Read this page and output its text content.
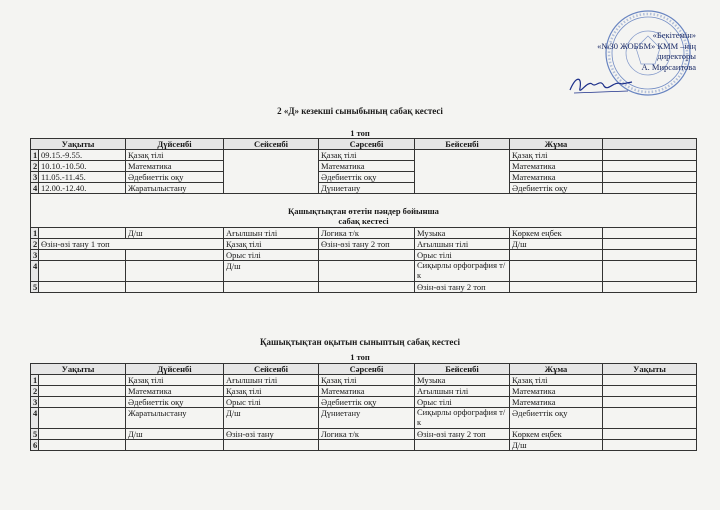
«Бекітемін»
«№30 ЖОББМ» КММ –нің
директоры
А. Мирсаитова
2 «Д» кезекші сыныбының сабақ кестесі
1 топ
Уақыты		Дүйсенбі	Сейсенбі	Сәрсенбі	Бейсенбі	Жұма	
1	09.15.-9.55.	Қазақ тілі		Қазақ тілі		Қазақ тілі	
2	10.10.-10.50.	Математика		Математика		Математика	
3	11.05.-11.45.	Әдебиеттік оқу		Әдебиеттік оқу		Математика	
4	12.00.-12.40.	Жаратылыстану		Дүниетану		Әдебиеттік оқу	

Қашықтықтан өтетін пәндер бойынша
сабақ кестесі							

1		Д/ш	Ағылшын тілі	Логика т/к	Музыка	Көркем еңбек	
2	Өзін-өзі тану 1 топ		Қазақ тілі	Өзін-өзі тану 2 топ	Ағылшын тілі	Д/ш	
3			Орыс тілі		Орыс тілі		
4			Д/ш		Сиқырлы орфография т/к		
5					Өзін-өзі тану 2 топ		
Қашықтықтан оқытын сыныптың сабақ кестесі
1 топ
Уақыты		Дүйсенбі	Сейсенбі	Сәрсенбі	Бейсенбі	Жұма	Уақыты
1		Қазақ тілі	Ағылшын тілі	Қазақ тілі	Музыка	Қазақ тілі	
2		Математика	Қазақ тілі	Математика	Ағылшын тілі	Математика	
3		Әдебиеттік оқу	Орыс тілі	Әдебиеттік оқу	Орыс тілі	Математика	
4		Жаратылыстану	Д/ш	Дүниетану	Сиқырлы орфография т/к	Әдебиеттік оқу	
5		Д/ш	Өзін-өзі тану	Логика т/к	Өзін-өзі тану 2 топ	Көркем еңбек	
6						Д/ш	
